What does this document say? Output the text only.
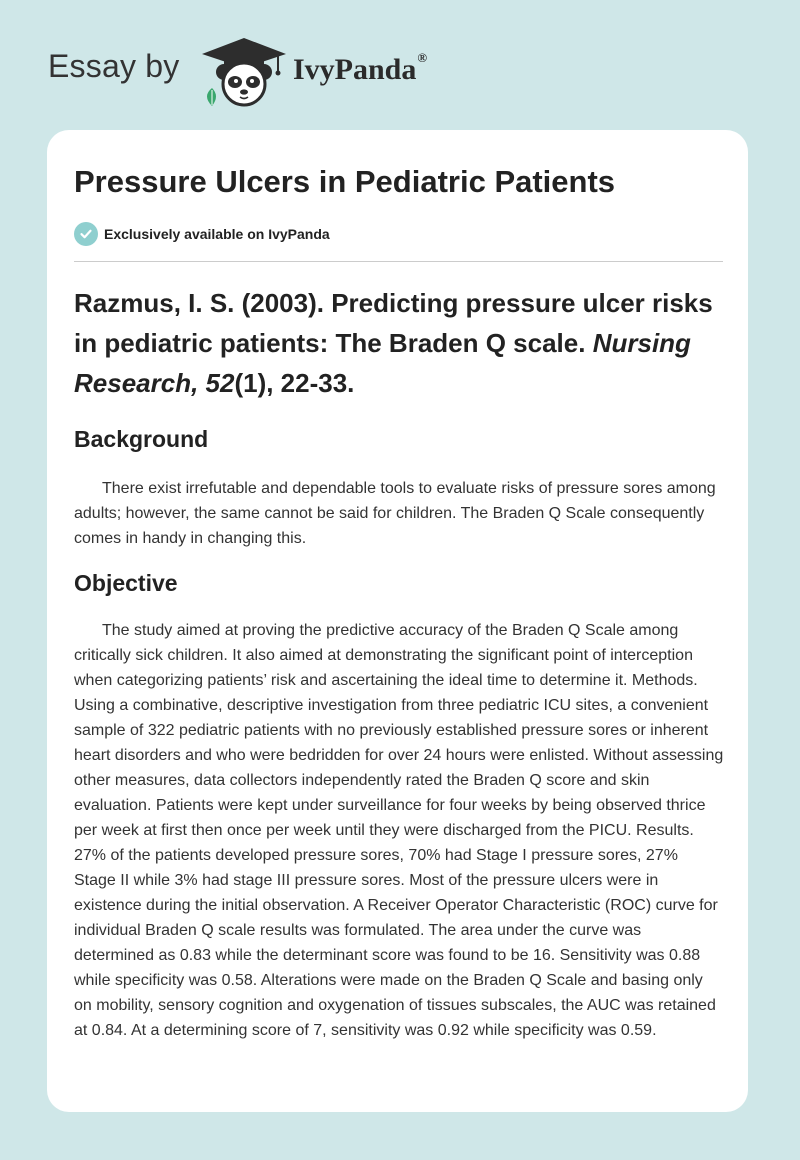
Essay by	IvyPanda®
Pressure Ulcers in Pediatric Patients
Exclusively available on IvyPanda

Razmus, I. S. (2003). Predicting pressure ulcer risks in pediatric patients: The Braden Q scale. Nursing Research, 52(1), 22-33.

Background

There exist irrefutable and dependable tools to evaluate risks of pressure sores among adults; however, the same cannot be said for children. The Braden Q Scale consequently comes in handy in changing this.

Objective

The study aimed at proving the predictive accuracy of the Braden Q Scale among critically sick children. It also aimed at demonstrating the significant point of interception when categorizing patients’ risk and ascertaining the ideal time to determine it. Methods. Using a combinative, descriptive investigation from three pediatric ICU sites, a convenient sample of 322 pediatric patients with no previously established pressure sores or inherent heart disorders and who were bedridden for over 24 hours were enlisted. Without assessing other measures, data collectors independently rated the Braden Q score and skin evaluation. Patients were kept under surveillance for four weeks by being observed thrice per week at first then once per week until they were discharged from the PICU. Results. 27% of the patients developed pressure sores, 70% had Stage I pressure sores, 27% Stage II while 3% had stage III pressure sores. Most of the pressure ulcers were in existence during the initial observation. A Receiver Operator Characteristic (ROC) curve for individual Braden Q scale results was formulated. The area under the curve was determined as 0.83 while the determinant score was found to be 16. Sensitivity was 0.88 while specificity was 0.58. Alterations were made on the Braden Q Scale and basing only on mobility, sensory cognition and oxygenation of tissues subscales, the AUC was retained at 0.84. At a determining score of 7, sensitivity was 0.92 while specificity was 0.59.
